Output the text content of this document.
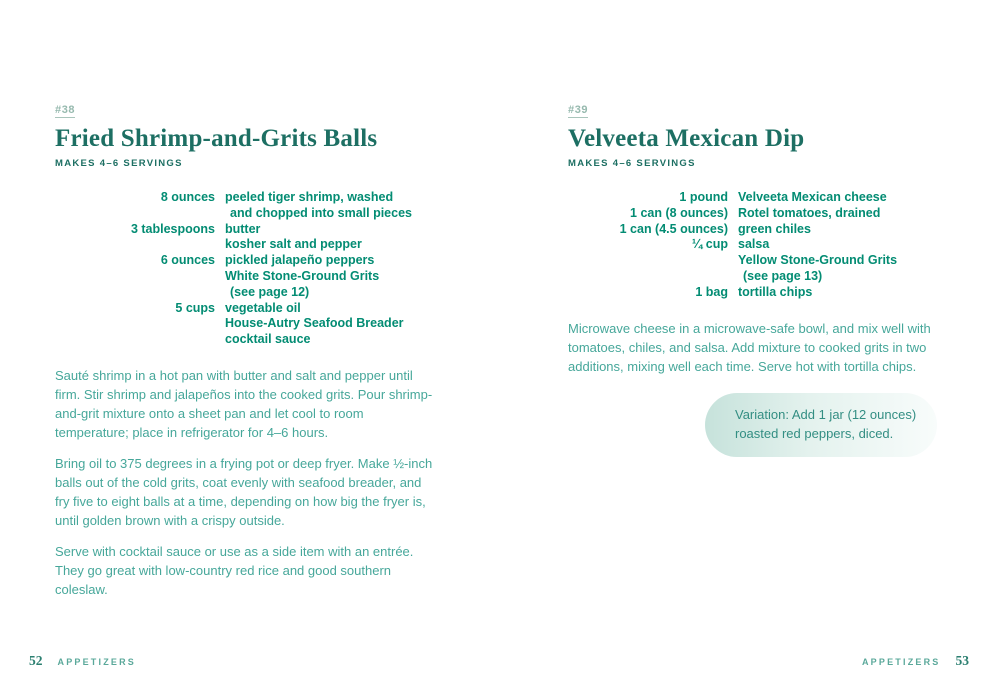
#38
Fried Shrimp-and-Grits Balls
MAKES 4–6 SERVINGS
8 ounces peeled tiger shrimp, washed
and chopped into small pieces
3 tablespoons butter
kosher salt and pepper
6 ounces pickled jalapeño peppers
White Stone-Ground Grits
(see page 12)
5 cups vegetable oil
House-Autry Seafood Breader
cocktail sauce

Sauté shrimp in a hot pan with butter and salt and pepper until firm. Stir shrimp and jalapeños into the cooked grits. Pour shrimp-and-grit mixture onto a sheet pan and let cool to room temperature; place in refrigerator for 4–6 hours.

Bring oil to 375 degrees in a frying pot or deep fryer. Make ½-inch balls out of the cold grits, coat evenly with seafood breader, and fry five to eight balls at a time, depending on how big the fryer is, until golden brown with a crispy outside.

Serve with cocktail sauce or use as a side item with an entrée. They go great with low-country red rice and good southern coleslaw.

#39
Velveeta Mexican Dip
MAKES 4–6 SERVINGS
1 pound Velveeta Mexican cheese
1 can (8 ounces) Rotel tomatoes, drained
1 can (4.5 ounces) green chiles
¼ cup salsa
Yellow Stone-Ground Grits
(see page 13)
1 bag tortilla chips

Microwave cheese in a microwave-safe bowl, and mix well with tomatoes, chiles, and salsa. Add mixture to cooked grits in two additions, mixing well each time. Serve hot with tortilla chips.

Variation: Add 1 jar (12 ounces) roasted red peppers, diced.
52 APPETIZERS	APPETIZERS 53
